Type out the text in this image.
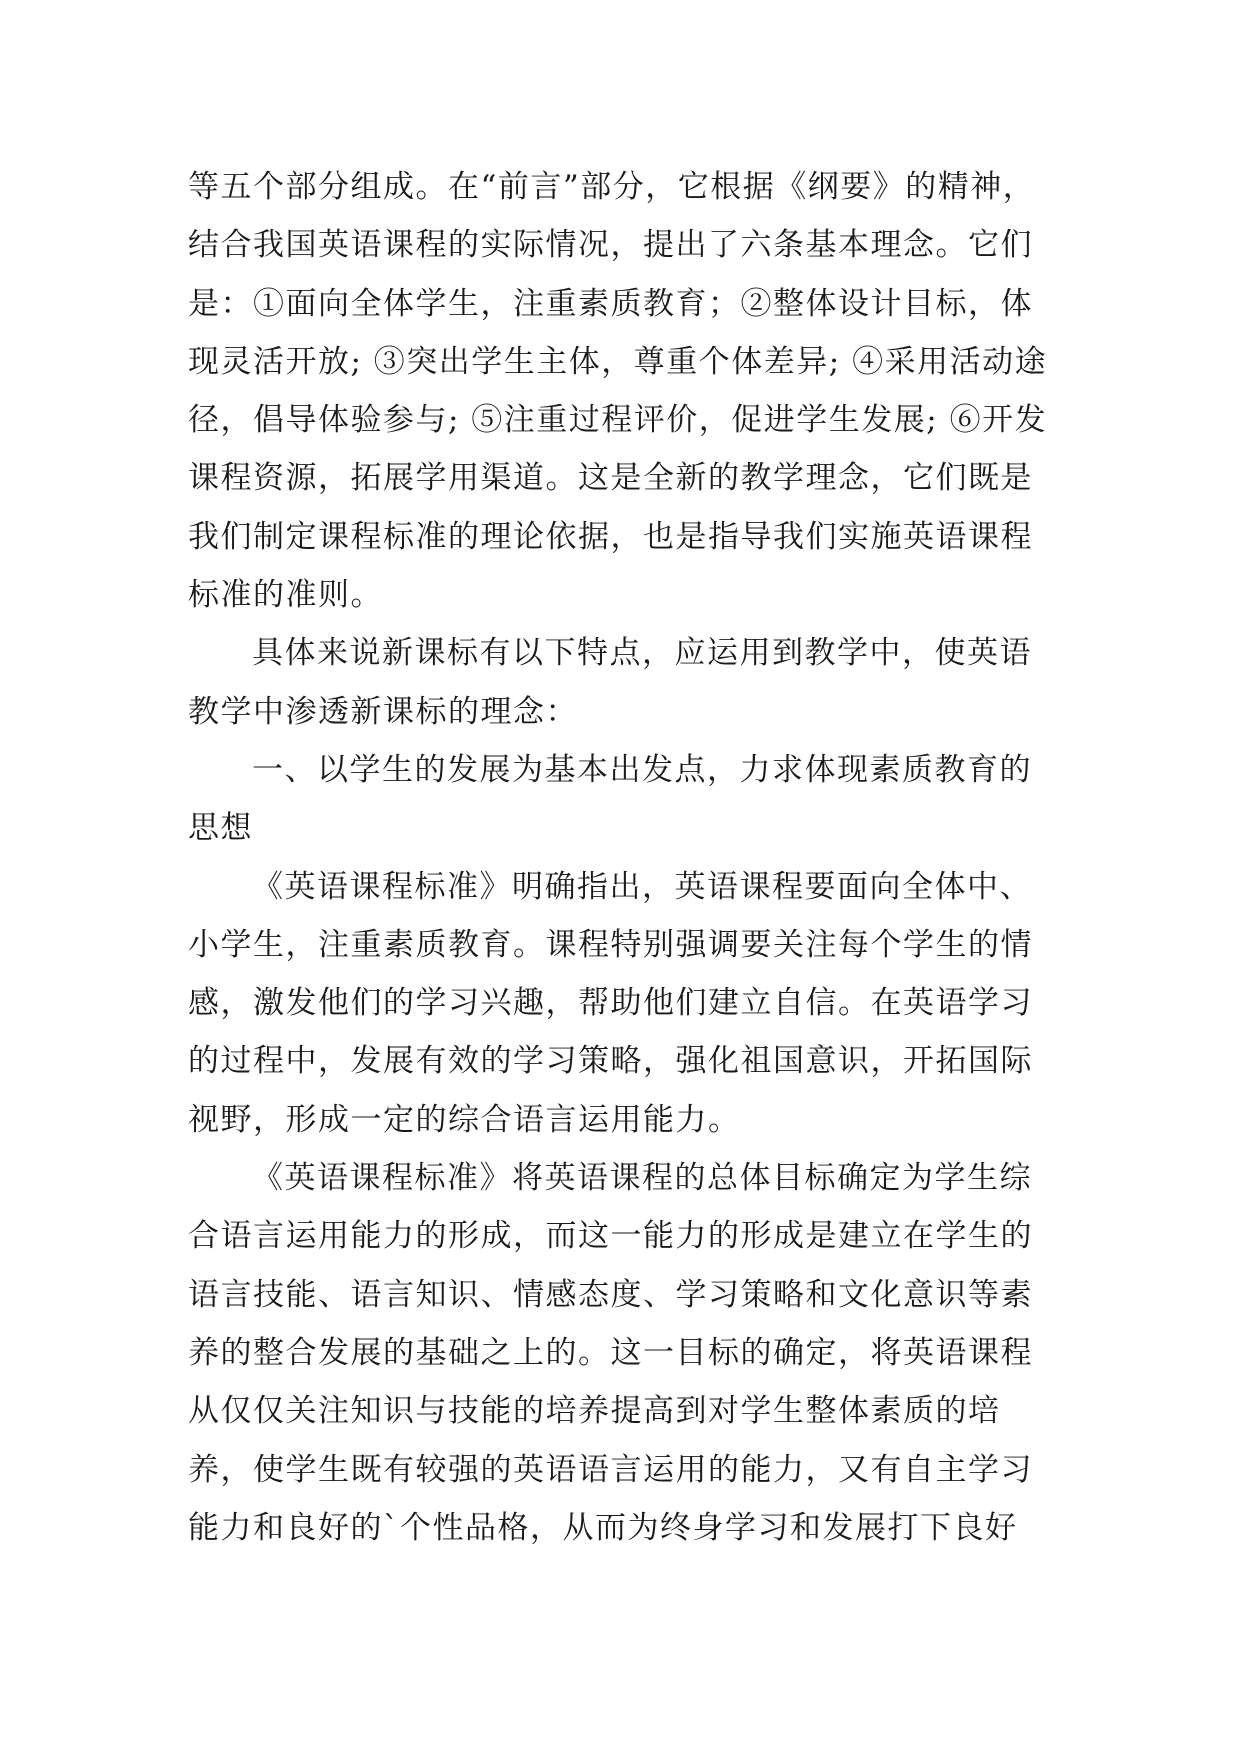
等五个部分组成。在“前言”部分，它根据《纲要》的精神，
结合我国英语课程的实际情况，提出了六条基本理念。它们
是：①面向全体学生，注重素质教育；②整体设计目标，体
现灵活开放; ③突出学生主体，尊重个体差异; ④采用活动途
径，倡导体验参与; ⑤注重过程评价，促进学生发展; ⑥开发
课程资源，拓展学用渠道。这是全新的教学理念，它们既是
我们制定课程标准的理论依据，也是指导我们实施英语课程
标准的准则。
具体来说新课标有以下特点，应运用到教学中，使英语
教学中渗透新课标的理念：
一、以学生的发展为基本出发点，力求体现素质教育的
思想
《英语课程标准》明确指出，英语课程要面向全体中、
小学生，注重素质教育。课程特别强调要关注每个学生的情
感，激发他们的学习兴趣，帮助他们建立自信。在英语学习
的过程中，发展有效的学习策略，强化祖国意识，开拓国际
视野，形成一定的综合语言运用能力。
《英语课程标准》将英语课程的总体目标确定为学生综
合语言运用能力的形成，而这一能力的形成是建立在学生的
语言技能、语言知识、情感态度、学习策略和文化意识等素
养的整合发展的基础之上的。这一目标的确定，将英语课程
从仅仅关注知识与技能的培养提高到对学生整体素质的培
养，使学生既有较强的英语语言运用的能力，又有自主学习
能力和良好的`个性品格，从而为终身学习和发展打下良好
